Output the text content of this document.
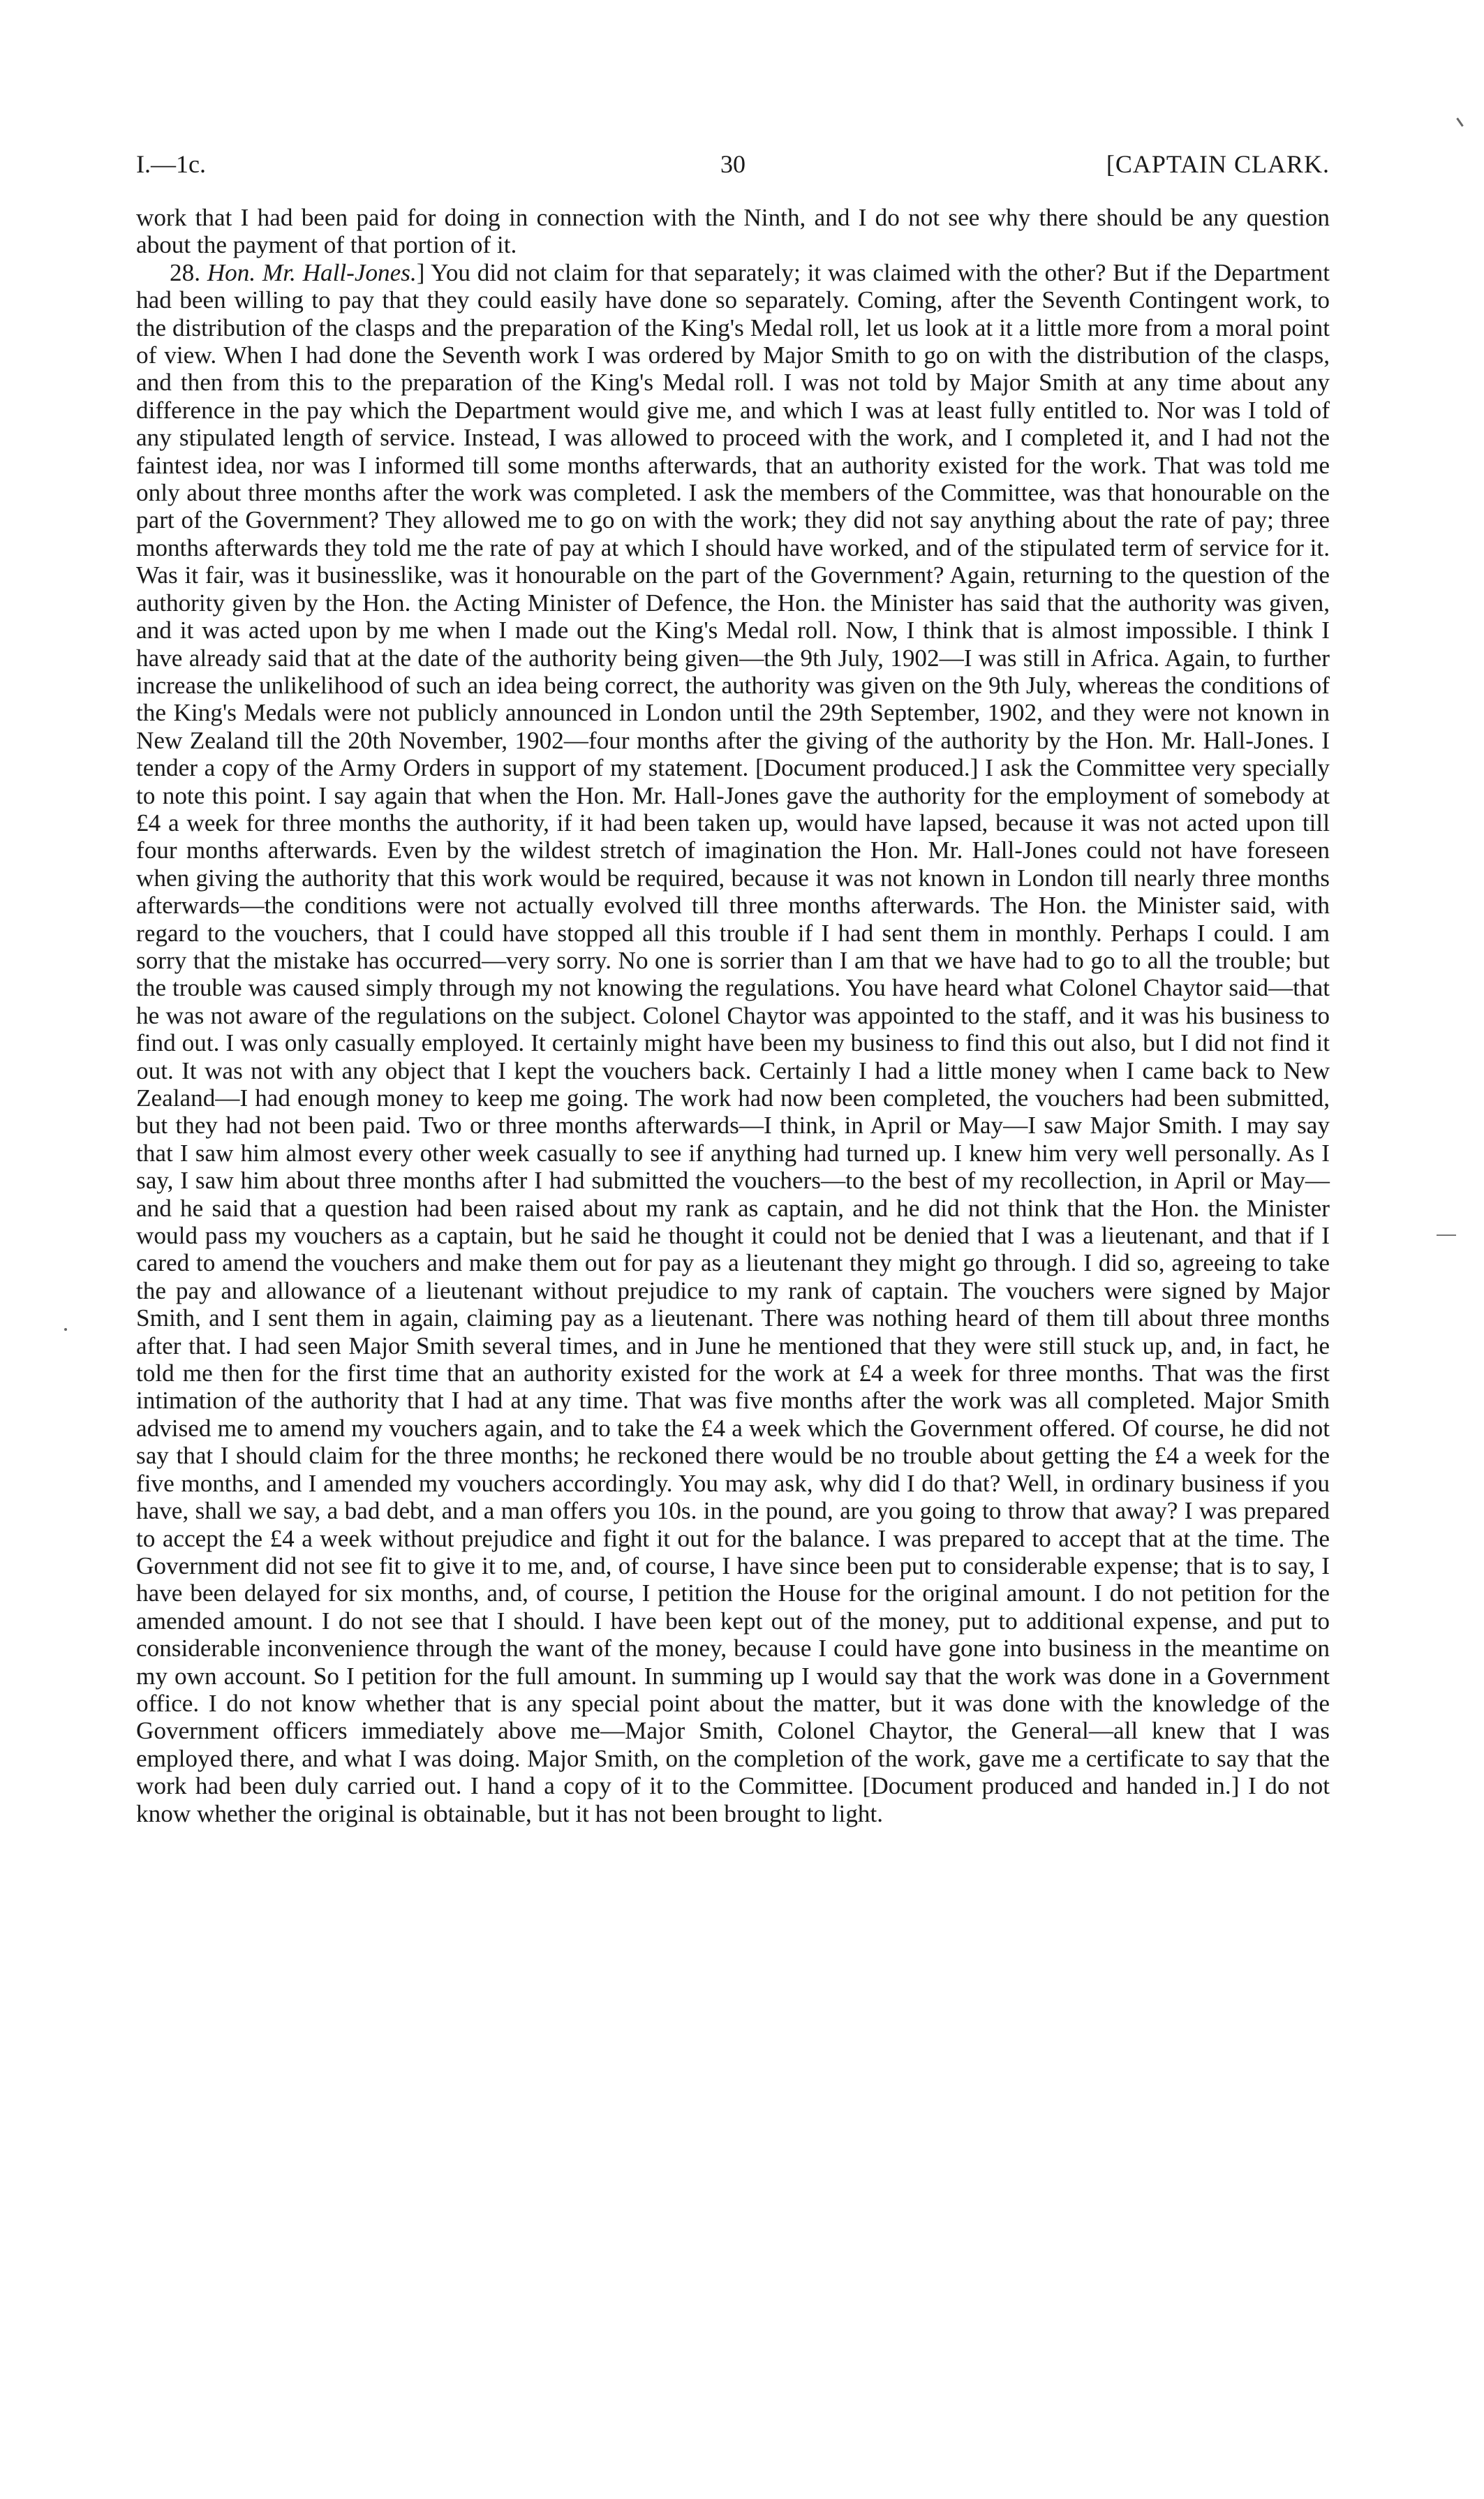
I.—1c.	30	[CAPTAIN CLARK.

work that I had been paid for doing in connection with the Ninth, and I do not see why there should be any question about the payment of that portion of it.

28. Hon. Mr. Hall-Jones.] You did not claim for that separately; it was claimed with the other? But if the Department had been willing to pay that they could easily have done so separately. Coming, after the Seventh Contingent work, to the distribution of the clasps and the preparation of the King's Medal roll, let us look at it a little more from a moral point of view. When I had done the Seventh work I was ordered by Major Smith to go on with the distribution of the clasps, and then from this to the preparation of the King's Medal roll. I was not told by Major Smith at any time about any difference in the pay which the Department would give me, and which I was at least fully entitled to. Nor was I told of any stipulated length of service. Instead, I was allowed to proceed with the work, and I completed it, and I had not the faintest idea, nor was I informed till some months afterwards, that an authority existed for the work. That was told me only about three months after the work was completed. I ask the members of the Committee, was that honourable on the part of the Government? They allowed me to go on with the work; they did not say anything about the rate of pay; three months afterwards they told me the rate of pay at which I should have worked, and of the stipulated term of service for it. Was it fair, was it businesslike, was it honourable on the part of the Government? Again, returning to the question of the authority given by the Hon. the Acting Minister of Defence, the Hon. the Minister has said that the authority was given, and it was acted upon by me when I made out the King's Medal roll. Now, I think that is almost impossible. I think I have already said that at the date of the authority being given—the 9th July, 1902—I was still in Africa. Again, to further increase the unlikelihood of such an idea being correct, the authority was given on the 9th July, whereas the conditions of the King's Medals were not publicly announced in London until the 29th September, 1902, and they were not known in New Zealand till the 20th November, 1902—four months after the giving of the authority by the Hon. Mr. Hall-Jones. I tender a copy of the Army Orders in support of my statement. [Document produced.] I ask the Committee very specially to note this point. I say again that when the Hon. Mr. Hall-Jones gave the authority for the employment of somebody at £4 a week for three months the authority, if it had been taken up, would have lapsed, because it was not acted upon till four months afterwards. Even by the wildest stretch of imagination the Hon. Mr. Hall-Jones could not have foreseen when giving the authority that this work would be required, because it was not known in London till nearly three months afterwards—the conditions were not actually evolved till three months afterwards. The Hon. the Minister said, with regard to the vouchers, that I could have stopped all this trouble if I had sent them in monthly. Perhaps I could. I am sorry that the mistake has occurred—very sorry. No one is sorrier than I am that we have had to go to all the trouble; but the trouble was caused simply through my not knowing the regulations. You have heard what Colonel Chaytor said—that he was not aware of the regulations on the subject. Colonel Chaytor was appointed to the staff, and it was his business to find out. I was only casually employed. It certainly might have been my business to find this out also, but I did not find it out. It was not with any object that I kept the vouchers back. Certainly I had a little money when I came back to New Zealand—I had enough money to keep me going. The work had now been completed, the vouchers had been submitted, but they had not been paid. Two or three months afterwards—I think, in April or May—I saw Major Smith. I may say that I saw him almost every other week casually to see if anything had turned up. I knew him very well personally. As I say, I saw him about three months after I had submitted the vouchers—to the best of my recollection, in April or May—and he said that a question had been raised about my rank as captain, and he did not think that the Hon. the Minister would pass my vouchers as a captain, but he said he thought it could not be denied that I was a lieutenant, and that if I cared to amend the vouchers and make them out for pay as a lieutenant they might go through. I did so, agreeing to take the pay and allowance of a lieutenant without prejudice to my rank of captain. The vouchers were signed by Major Smith, and I sent them in again, claiming pay as a lieutenant. There was nothing heard of them till about three months after that. I had seen Major Smith several times, and in June he mentioned that they were still stuck up, and, in fact, he told me then for the first time that an authority existed for the work at £4 a week for three months. That was the first intimation of the authority that I had at any time. That was five months after the work was all completed. Major Smith advised me to amend my vouchers again, and to take the £4 a week which the Government offered. Of course, he did not say that I should claim for the three months; he reckoned there would be no trouble about getting the £4 a week for the five months, and I amended my vouchers accordingly. You may ask, why did I do that? Well, in ordinary business if you have, shall we say, a bad debt, and a man offers you 10s. in the pound, are you going to throw that away? I was prepared to accept the £4 a week without prejudice and fight it out for the balance. I was prepared to accept that at the time. The Government did not see fit to give it to me, and, of course, I have since been put to considerable expense; that is to say, I have been delayed for six months, and, of course, I petition the House for the original amount. I do not petition for the amended amount. I do not see that I should. I have been kept out of the money, put to additional expense, and put to considerable inconvenience through the want of the money, because I could have gone into business in the meantime on my own account. So I petition for the full amount. In summing up I would say that the work was done in a Government office. I do not know whether that is any special point about the matter, but it was done with the knowledge of the Government officers immediately above me—Major Smith, Colonel Chaytor, the General—all knew that I was employed there, and what I was doing. Major Smith, on the completion of the work, gave me a certificate to say that the work had been duly carried out. I hand a copy of it to the Committee. [Document produced and handed in.] I do not know whether the original is obtainable, but it has not been brought to light.
